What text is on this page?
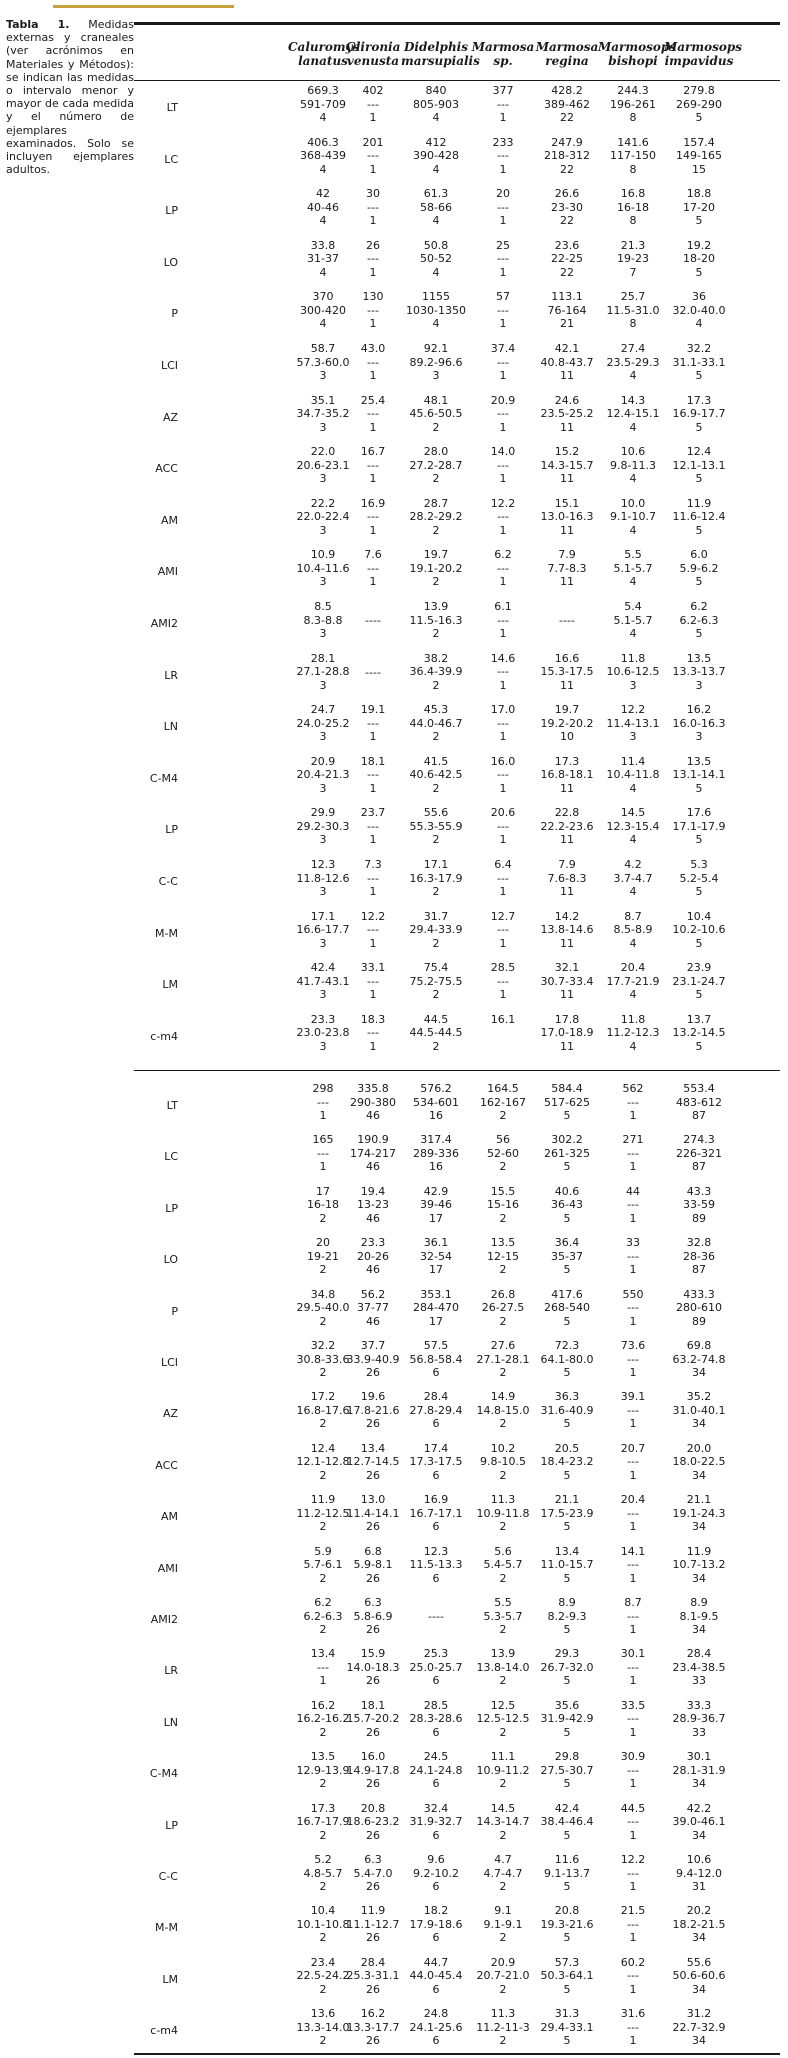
Tabla 1. Medidas externas y craneales (ver acrónimos en Materiales y Métodos): se indican las medidas o intervalo menor y mayor de cada medida y el número de ejemplares examinados. Solo se incluyen ejemplares adultos.

Caluromys
lanatus
Glironia
venusta
Didelphis
marsupialis
Marmosa sp.
Marmosa
regina
Marmosops
bishopi
Marmosops
impavidus
LT
669.3
591-709
4
402
---
1
840
805-903
4
377
---
1
428.2
389-462
22
244.3
196-261
8
279.8
269-290
5
LC
406.3
368-439
4
201
---
1
412
390-428
4
233
---
1
247.9
218-312
22
141.6
117-150
8
157.4
149-165
15
LP
42
40-46
4
30
---
1
61.3
58-66
4
20
---
1
26.6
23-30
22
16.8
16-18
8
18.8
17-20
5
LO
33.8
31-37
4
26
---
1
50.8
50-52
4
25
---
1
23.6
22-25
22
21.3
19-23
7
19.2
18-20
5
P
370
300-420
4
130
---
1
1155
1030-1350
4
57
---
1
113.1
76-164
21
25.7
11.5-31.0
8
36
32.0-40.0
4
LCI
58.7
57.3-60.0
3
43.0
---
1
92.1
89.2-96.6
3
37.4
---
1
42.1
40.8-43.7
11
27.4
23.5-29.3
4
32.2
31.1-33.1
5
AZ
35.1
34.7-35.2
3
25.4
---
1
48.1
45.6-50.5
2
20.9
---
1
24.6
23.5-25.2
11
14.3
12.4-15.1
4
17.3
16.9-17.7
5
ACC
22.0
20.6-23.1
3
16.7
---
1
28.0
27.2-28.7
2
14.0
---
1
15.2
14.3-15.7
11
10.6
9.8-11.3
4
12.4
12.1-13.1
5
AM
22.2
22.0-22.4
3
16.9
---
1
28.7
28.2-29.2
2
12.2
---
1
15.1
13.0-16.3
11
10.0
9.1-10.7
4
11.9
11.6-12.4
5
AMI
10.9
10.4-11.6
3
7.6
---
1
19.7
19.1-20.2
2
6.2
---
1
7.9
7.7-8.3
11
5.5
5.1-5.7
4
6.0
5.9-6.2
5
AMI2
8.5
8.3-8.8
3
----
13.9
11.5-16.3
2
6.1
---
1
----
5.4
5.1-5.7
4
6.2
6.2-6.3
5
LR
28.1
27.1-28.8
3
----
38.2
36.4-39.9
2
14.6
---
1
16.6
15.3-17.5
11
11.8
10.6-12.5
3
13.5
13.3-13.7
3
LN
24.7
24.0-25.2
3
19.1
---
1
45.3
44.0-46.7
2
17.0
---
1
19.7
19.2-20.2
10
12.2
11.4-13.1
3
16.2
16.0-16.3
3
C-M4
20.9
20.4-21.3
3
18.1
---
1
41.5
40.6-42.5
2
16.0
---
1
17.3
16.8-18.1
11
11.4
10.4-11.8
4
13.5
13.1-14.1
5
LP
29.9
29.2-30.3
3
23.7
---
1
55.6
55.3-55.9
2
20.6
---
1
22.8
22.2-23.6
11
14.5
12.3-15.4
4
17.6
17.1-17.9
5
C-C
12.3
11.8-12.6
3
7.3
---
1
17.1
16.3-17.9
2
6.4
---
1
7.9
7.6-8.3
11
4.2
3.7-4.7
4
5.3
5.2-5.4
5
M-M
17.1
16.6-17.7
3
12.2
---
1
31.7
29.4-33.9
2
12.7
---
1
14.2
13.8-14.6
11
8.7
8.5-8.9
4
10.4
10.2-10.6
5
LM
42.4
41.7-43.1
3
33.1
---
1
75.4
75.2-75.5
2
28.5
---
1
32.1
30.7-33.4
11
20.4
17.7-21.9
4
23.9
23.1-24.7
5
c-m4
23.3
23.0-23.8
3
18.3
---
1
44.5
44.5-44.5
2
16.1

	17.8
17.0-18.9
11
11.8
11.2-12.3
4
13.7
13.2-14.5
5
LT
298
---
1
335.8
290-380
46
576.2
534-601
16
164.5
162-167
2
584.4
517-625
5
562
---
1
553.4
483-612
87
LC
165
---
1
190.9
174-217
46
317.4
289-336
16
56
52-60
2
302.2
261-325
5
271
---
1
274.3
226-321
87
LP
17
16-18
2
19.4
13-23
46
42.9
39-46
17
15.5
15-16
2
40.6
36-43
5
44
---
1
43.3
33-59
89
LO
20
19-21
2
23.3
20-26
46
36.1
32-54
17
13.5
12-15
2
36.4
35-37
5
33
---
1
32.8
28-36
87
P
34.8
29.5-40.0
2
56.2
37-77
46
353.1
284-470
17
26.8
26-27.5
2
417.6
268-540
5
550
---
1
433.3
280-610
89
LCI
32.2
30.8-33.6
2
37.7
33.9-40.9
26
57.5
56.8-58.4
6
27.6
27.1-28.1
2
72.3
64.1-80.0
5
73.6
---
1
69.8
63.2-74.8
34
AZ
17.2
16.8-17.6
2
19.6
17.8-21.6
26
28.4
27.8-29.4
6
14.9
14.8-15.0
2
36.3
31.6-40.9
5
39.1
---
1
35.2
31.0-40.1
34
ACC
12.4
12.1-12.8
2
13.4
12.7-14.5
26
17.4
17.3-17.5
6
10.2
9.8-10.5
2
20.5
18.4-23.2
5
20.7
---
1
20.0
18.0-22.5
34
AM
11.9
11.2-12.5
2
13.0
11.4-14.1
26
16.9
16.7-17.1
6
11.3
10.9-11.8
2
21.1
17.5-23.9
5
20.4
---
1
21.1
19.1-24.3
34
AMI
5.9
5.7-6.1
2
6.8
5.9-8.1
26
12.3
11.5-13.3
6
5.6
5.4-5.7
2
13.4
11.0-15.7
5
14.1
---
1
11.9
10.7-13.2
34
AMI2
6.2
6.2-6.3
2
6.3
5.8-6.9
26
----
5.5
5.3-5.7
2
8.9
8.2-9.3
5
8.7
---
1
8.9
8.1-9.5
34
LR
13.4
---
1
15.9
14.0-18.3
26
25.3
25.0-25.7
6
13.9
13.8-14.0
2
29.3
26.7-32.0
5
30.1
---
1
28.4
23.4-38.5
33
LN
16.2
16.2-16.2
2
18.1
15.7-20.2
26
28.5
28.3-28.6
6
12.5
12.5-12.5
2
35.6
31.9-42.9
5
33.5
---
1
33.3
28.9-36.7
33
C-M4
13.5
12.9-13.9
2
16.0
14.9-17.8
26
24.5
24.1-24.8
6
11.1
10.9-11.2
2
29.8
27.5-30.7
5
30.9
---
1
30.1
28.1-31.9
34
LP
17.3
16.7-17.9
2
20.8
18.6-23.2
26
32.4
31.9-32.7
6
14.5
14.3-14.7
2
42.4
38.4-46.4
5
44.5
---
1
42.2
39.0-46.1
34
C-C
5.2
4.8-5.7
2
6.3
5.4-7.0
26
9.6
9.2-10.2
6
4.7
4.7-4.7
2
11.6
9.1-13.7
5
12.2
---
1
10.6
9.4-12.0
31
M-M
10.4
10.1-10.8
2
11.9
11.1-12.7
26
18.2
17.9-18.6
6
9.1
9.1-9.1
2
20.8
19.3-21.6
5
21.5
---
1
20.2
18.2-21.5
34
LM
23.4
22.5-24.2
2
28.4
25.3-31.1
26
44.7
44.0-45.4
6
20.9
20.7-21.0
2
57.3
50.3-64.1
5
60.2
---
1
55.6
50.6-60.6
34
c-m4
13.6
13.3-14.0
2
16.2
13.3-17.7
26
24.8
24.1-25.6
6
11.3
11.2-11-3
2
31.3
29.4-33.1
5
31.6
---
1
31.2
22.7-32.9
34
